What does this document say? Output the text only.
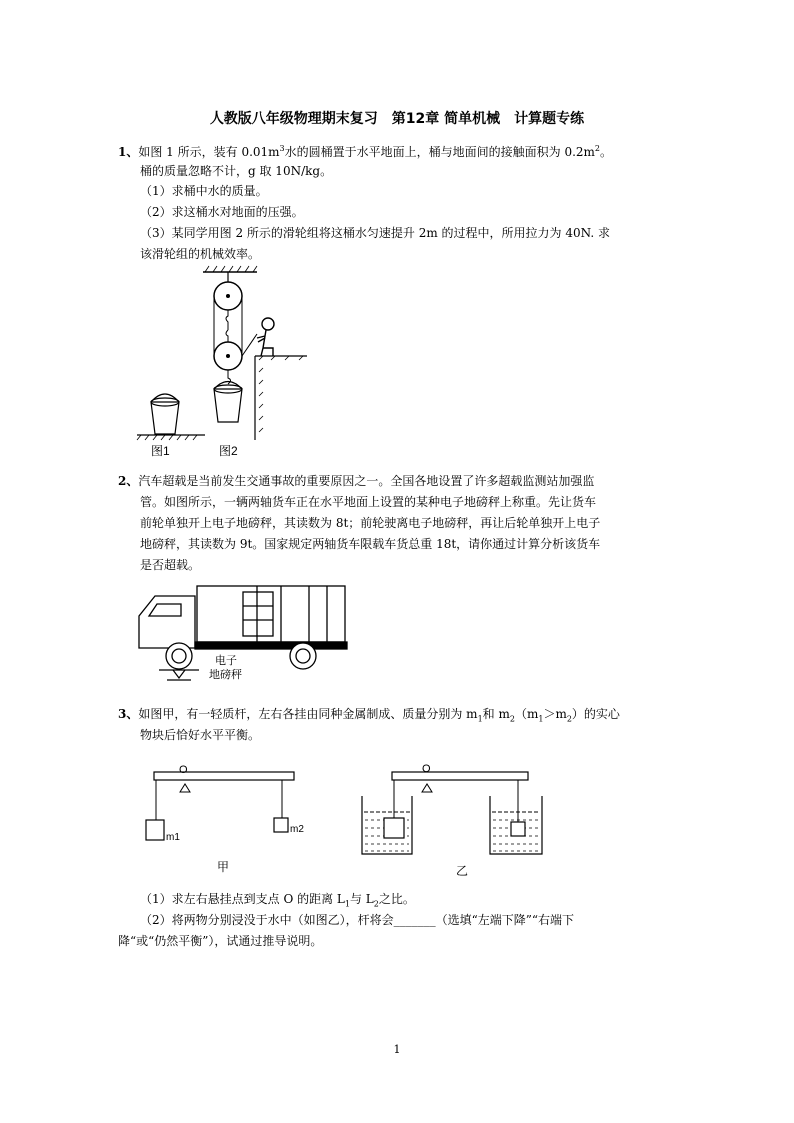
人教版八年级物理期末复习　第12章 简单机械　计算题专练
1、如图 1 所示，装有 $0.01m^3$水的圆桶置于水平地面上，桶与地面间的接触面积为 $0.2m^2$。
桶的质量忽略不计，g 取 10N/kg。
（1）求桶中水的质量。
（2）求这桶水对地面的压强。
（3）某同学用图 2 所示的滑轮组将这桶水匀速提升 2m 的过程中，所用拉力为 40N. 求
该滑轮组的机械效率。
图1	图2
2、汽车超载是当前发生交通事故的重要原因之一。全国各地设置了许多超载监测站加强监
管。如图所示，一辆两轴货车正在水平地面上设置的某种电子地磅秤上称重。先让货车
前轮单独开上电子地磅秤，其读数为 8t；前轮驶离电子地磅秤，再让后轮单独开上电子
地磅秤，其读数为 9t。国家规定两轴货车限载车货总重 18t，请你通过计算分析该货车
是否超载。
电子
地磅秤
3、如图甲，有一轻质杆，左右各挂由同种金属制成、质量分别为 $m_1$和 $m_2(m_1>m_2)$的实心
物块后恰好水平平衡。
O
m1
m2
甲
O
乙
（1）求左右悬挂点到支点 O 的距离 $L_1$与 $L_2$之比。
（2）将两物分别浸没于水中（如图乙），杆将会_______（选填“左端下降”“右端下
降“或“仍然平衡”），试通过推导说明。
1
